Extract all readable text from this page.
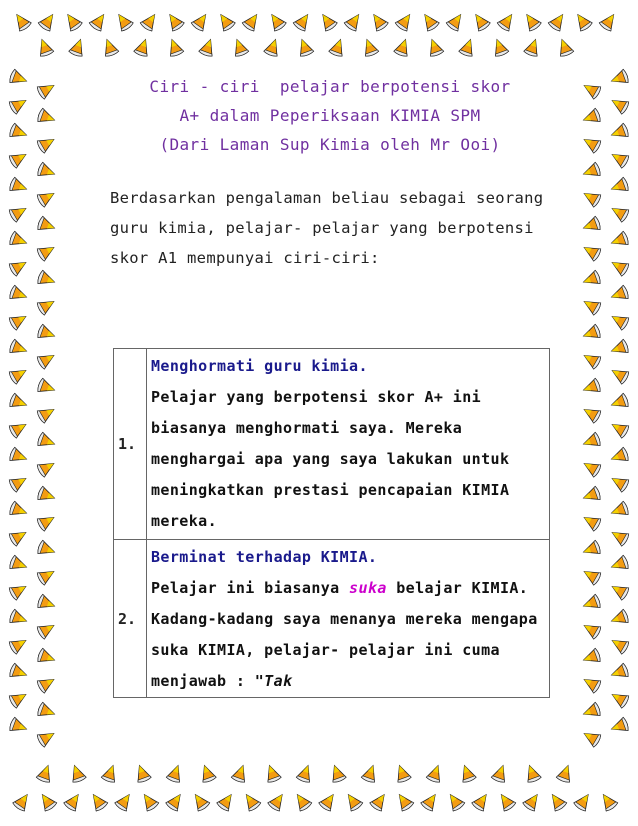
Ciri - ciri  pelajar berpotensi skor
A+ dalam Peperiksaan KIMIA SPM
(Dari Laman Sup Kimia oleh Mr Ooi)
Berdasarkan pengalaman beliau sebagai seorang guru kimia, pelajar- pelajar yang berpotensi skor A1 mempunyai ciri-ciri:
1.	Menghormati guru kimia.
Pelajar yang berpotensi skor A+ ini biasanya menghormati saya. Mereka menghargai apa yang saya lakukan untuk meningkatkan prestasi pencapaian KIMIA mereka.

2.	Berminat terhadap KIMIA.
Pelajar ini biasanya suka belajar KIMIA. Kadang-kadang saya menanya mereka mengapa suka KIMIA, pelajar- pelajar ini cuma menjawab : "Tak
